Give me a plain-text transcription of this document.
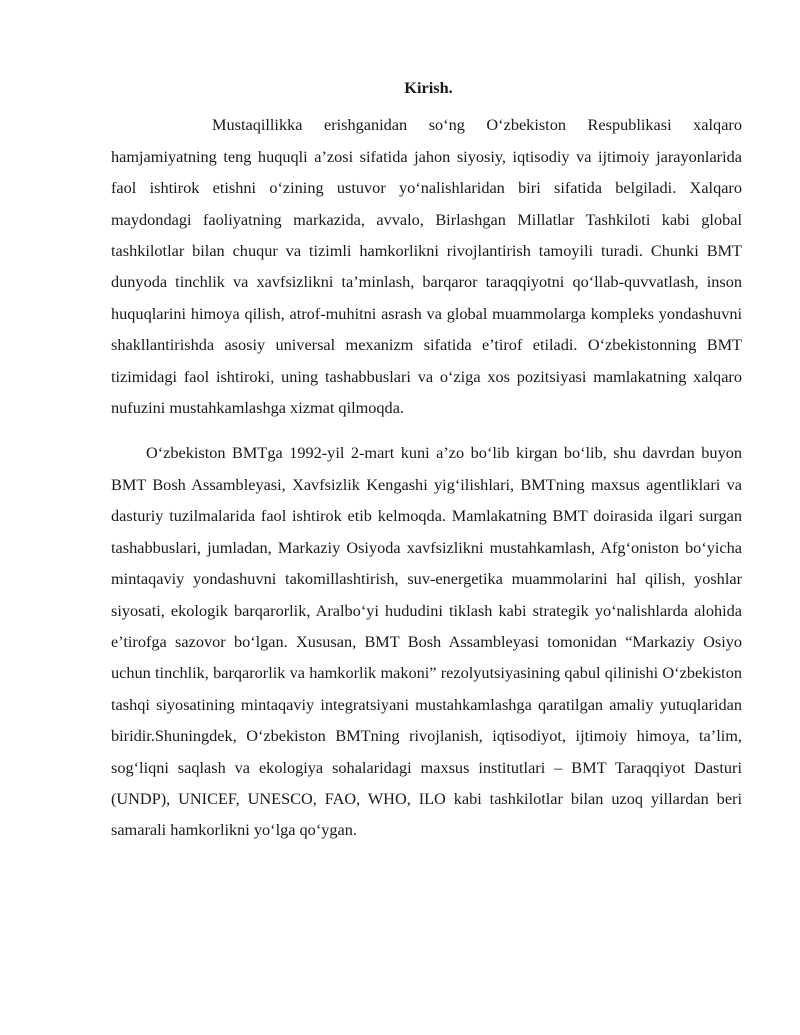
Kirish.

Mustaqillikka erishganidan so‘ng O‘zbekiston Respublikasi xalqaro hamjamiyatning teng huquqli a’zosi sifatida jahon siyosiy, iqtisodiy va ijtimoiy jarayonlarida faol ishtirok etishni o‘zining ustuvor yo‘nalishlaridan biri sifatida belgiladi. Xalqaro maydondagi faoliyatning markazida, avvalo, Birlashgan Millatlar Tashkiloti kabi global tashkilotlar bilan chuqur va tizimli hamkorlikni rivojlantirish tamoyili turadi. Chunki BMT dunyoda tinchlik va xavfsizlikni ta’minlash, barqaror taraqqiyotni qo‘llab-quvvatlash, inson huquqlarini himoya qilish, atrof-muhitni asrash va global muammolarga kompleks yondashuvni shakllantirishda asosiy universal mexanizm sifatida e’tirof etiladi. O‘zbekistonning BMT tizimidagi faol ishtiroki, uning tashabbuslari va o‘ziga xos pozitsiyasi mamlakatning xalqaro nufuzini mustahkamlashga xizmat qilmoqda.

O‘zbekiston BMTga 1992-yil 2-mart kuni a’zo bo‘lib kirgan bo‘lib, shu davrdan buyon BMT Bosh Assambleyasi, Xavfsizlik Kengashi yig‘ilishlari, BMTning maxsus agentliklari va dasturiy tuzilmalarida faol ishtirok etib kelmoqda. Mamlakatning BMT doirasida ilgari surgan tashabbuslari, jumladan, Markaziy Osiyoda xavfsizlikni mustahkamlash, Afg‘oniston bo‘yicha mintaqaviy yondashuvni takomillashtirish, suv-energetika muammolarini hal qilish, yoshlar siyosati, ekologik barqarorlik, Aralbo‘yi hududini tiklash kabi strategik yo‘nalishlarda alohida e’tirofga sazovor bo‘lgan. Xususan, BMT Bosh Assambleyasi tomonidan “Markaziy Osiyo uchun tinchlik, barqarorlik va hamkorlik makoni” rezolyutsiyasining qabul qilinishi O‘zbekiston tashqi siyosatining mintaqaviy integratsiyani mustahkamlashga qaratilgan amaliy yutuqlaridan biridir.Shuningdek, O‘zbekiston BMTning rivojlanish, iqtisodiyot, ijtimoiy himoya, ta’lim, sog‘liqni saqlash va ekologiya sohalaridagi maxsus institutlari – BMT Taraqqiyot Dasturi (UNDP), UNICEF, UNESCO, FAO, WHO, ILO kabi tashkilotlar bilan uzoq yillardan beri samarali hamkorlikni yo‘lga qo‘ygan.
